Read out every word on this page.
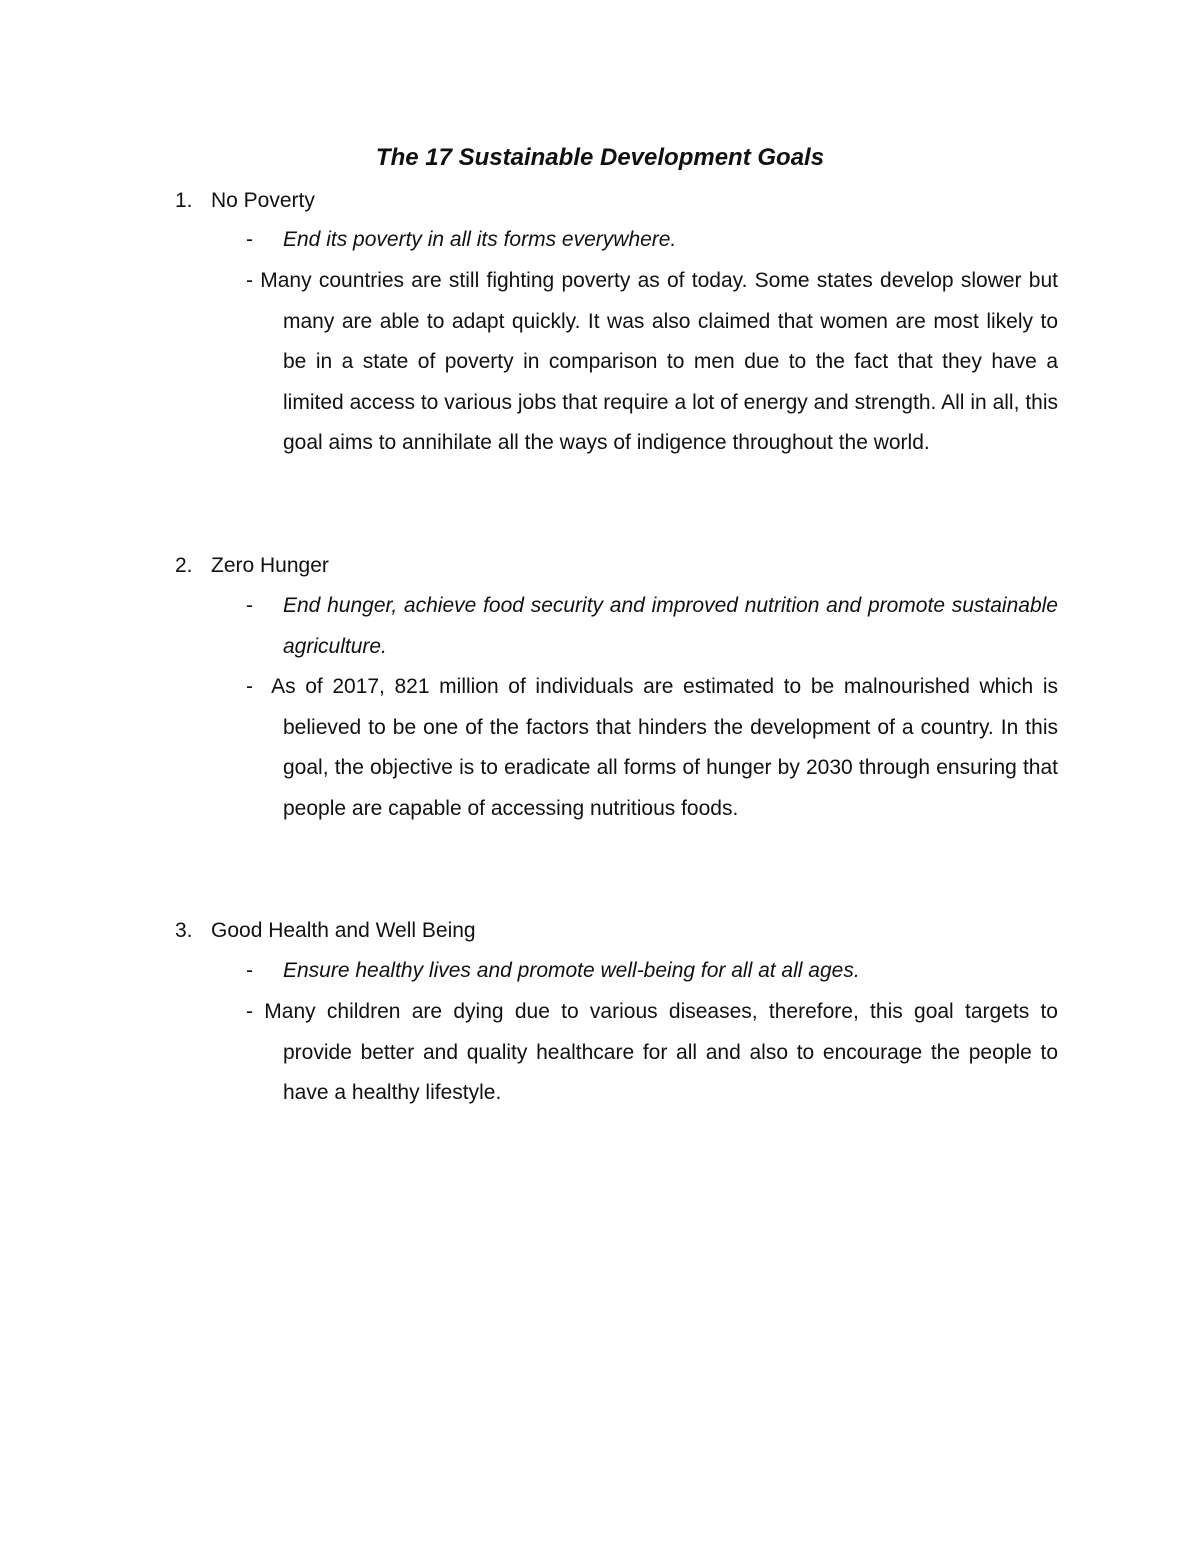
The 17 Sustainable Development Goals
1. No Poverty
- End its poverty in all its forms everywhere.
- Many countries are still fighting poverty as of today. Some states develop slower but many are able to adapt quickly. It was also claimed that women are most likely to be in a state of poverty in comparison to men due to the fact that they have a limited access to various jobs that require a lot of energy and strength. All in all, this goal aims to annihilate all the ways of indigence throughout the world.
2. Zero Hunger
- End hunger, achieve food security and improved nutrition and promote sustainable agriculture.
- As of 2017, 821 million of individuals are estimated to be malnourished which is believed to be one of the factors that hinders the development of a country. In this goal, the objective is to eradicate all forms of hunger by 2030 through ensuring that people are capable of accessing nutritious foods.
3. Good Health and Well Being
- Ensure healthy lives and promote well-being for all at all ages.
- Many children are dying due to various diseases, therefore, this goal targets to provide better and quality healthcare for all and also to encourage the people to have a healthy lifestyle.
